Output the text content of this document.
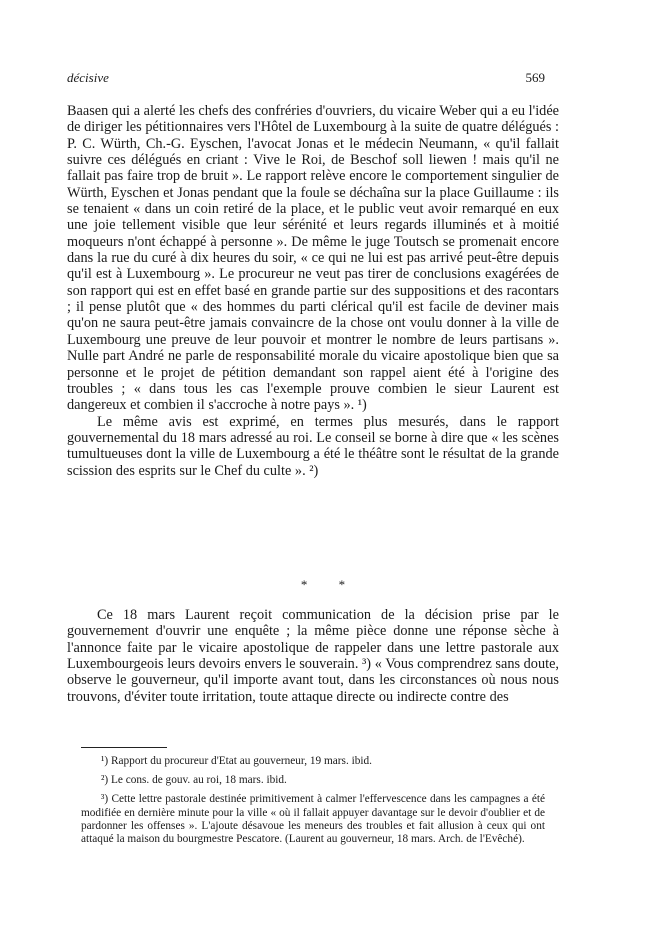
décisive	569

Baasen qui a alerté les chefs des confréries d'ouvriers, du vicaire Weber qui a eu l'idée de diriger les pétitionnaires vers l'Hôtel de Luxembourg à la suite de quatre délégués : P. C. Würth, Ch.-G. Eyschen, l'avocat Jonas et le médecin Neumann, « qu'il fallait suivre ces délégués en criant : Vive le Roi, de Beschof soll liewen ! mais qu'il ne fallait pas faire trop de bruit ». Le rapport relève encore le comportement singulier de Würth, Eyschen et Jonas pendant que la foule se déchaîna sur la place Guillaume : ils se tenaient « dans un coin retiré de la place, et le public veut avoir remarqué en eux une joie tellement visible que leur sérénité et leurs regards illuminés et à moitié moqueurs n'ont échappé à personne ». De même le juge Toutsch se promenait encore dans la rue du curé à dix heures du soir, « ce qui ne lui est pas arrivé peut-être depuis qu'il est à Luxembourg ». Le procureur ne veut pas tirer de conclusions exagérées de son rapport qui est en effet basé en grande partie sur des suppositions et des racontars ; il pense plutôt que « des hommes du parti clérical qu'il est facile de deviner mais qu'on ne saura peut-être jamais convaincre de la chose ont voulu donner à la ville de Luxembourg une preuve de leur pouvoir et montrer le nombre de leurs partisans ». Nulle part André ne parle de responsabilité morale du vicaire apostolique bien que sa personne et le projet de pétition demandant son rappel aient été à l'origine des troubles ; « dans tous les cas l'exemple prouve combien le sieur Laurent est dangereux et combien il s'accroche à notre pays ». ¹)

Le même avis est exprimé, en termes plus mesurés, dans le rapport gouvernemental du 18 mars adressé au roi. Le conseil se borne à dire que « les scènes tumultueuses dont la ville de Luxembourg a été le théâtre sont le résultat de la grande scission des esprits sur le Chef du culte ». ²)

* *

Ce 18 mars Laurent reçoit communication de la décision prise par le gouvernement d'ouvrir une enquête ; la même pièce donne une réponse sèche à l'annonce faite par le vicaire apostolique de rappeler dans une lettre pastorale aux Luxembourgeois leurs devoirs envers le souverain. ³) « Vous comprendrez sans doute, observe le gouverneur, qu'il importe avant tout, dans les circonstances où nous nous trouvons, d'éviter toute irritation, toute attaque directe ou indirecte contre des

¹) Rapport du procureur d'Etat au gouverneur, 19 mars. ibid.

²) Le cons. de gouv. au roi, 18 mars. ibid.

³) Cette lettre pastorale destinée primitivement à calmer l'effervescence dans les campagnes a été modifiée en dernière minute pour la ville « où il fallait appuyer davantage sur le devoir d'oublier et de pardonner les offenses ». L'ajoute désavoue les meneurs des troubles et fait allusion à ceux qui ont attaqué la maison du bourgmestre Pescatore. (Laurent au gouverneur, 18 mars. Arch. de l'Evêché).
